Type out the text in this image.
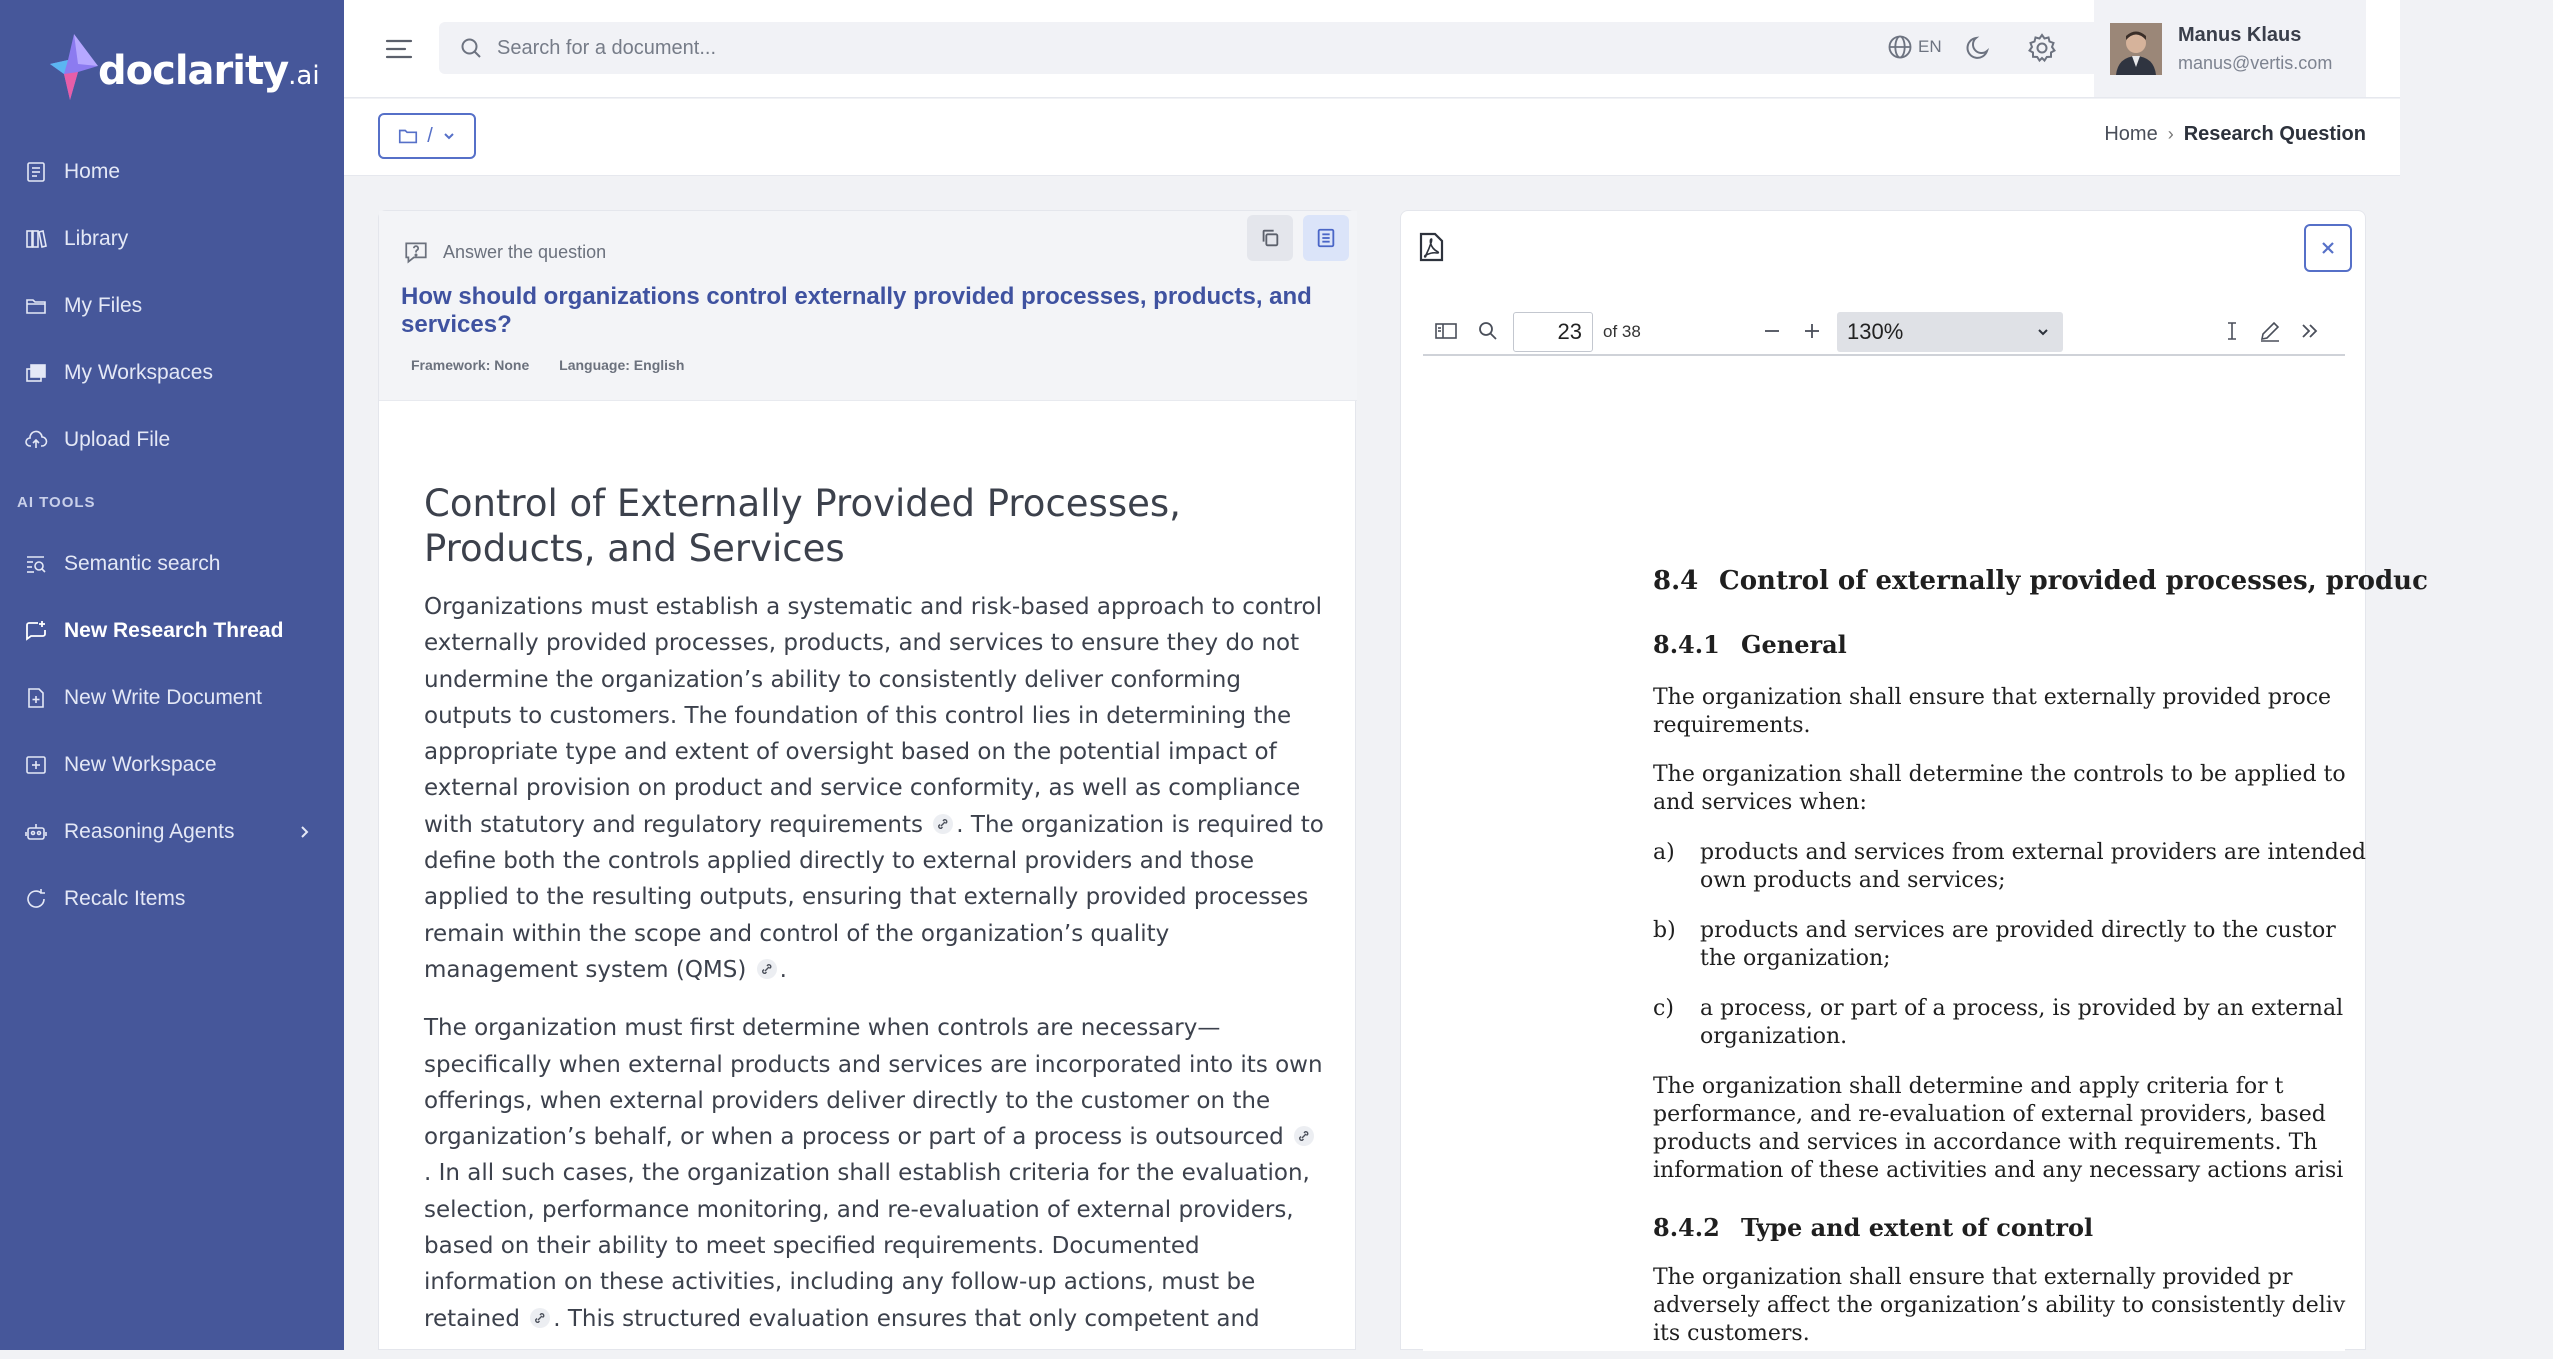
doclarity.ai
Home
Library
My Files
My Workspaces
Upload File
AI TOOLS
Semantic search
New Research Thread
New Write Document
New Workspace
Reasoning Agents
Recalc Items
Search for a document...
EN
Manus Klaus
manus@vertis.com
/	Home › Research Question
Answer the question
How should organizations control externally provided processes, products, and services?
Framework: None Language: English
Control of Externally Provided Processes, Products, and Services

Organizations must establish a systematic and risk-based approach to control externally provided processes, products, and services to ensure they do not undermine the organization’s ability to consistently deliver conforming outputs to customers. The foundation of this control lies in determining the appropriate type and extent of oversight based on the potential impact of external provision on product and service conformity, as well as compliance with statutory and regulatory requirements . The organization is required to define both the controls applied directly to external providers and those applied to the resulting outputs, ensuring that externally provided processes remain within the scope and control of the organization’s quality management system (QMS) .

The organization must first determine when controls are necessary—specifically when external products and services are incorporated into its own offerings, when external providers deliver directly to the customer on the organization’s behalf, or when a process or part of a process is outsourced . In all such cases, the organization shall establish criteria for the evaluation, selection, performance monitoring, and re-evaluation of external providers, based on their ability to meet specified requirements. Documented information on these activities, including any follow-up actions, must be retained . This structured evaluation ensures that only competent and

23
of 38	130%
8.4 Control of externally provided processes, produc
8.4.1 General
The organization shall ensure that externally provided proce
requirements.
The organization shall determine the controls to be applied to
and services when:
a) products and services from external providers are intended
own products and services;
b) products and services are provided directly to the custor
the organization;
c) a process, or part of a process, is provided by an external
organization.
The organization shall determine and apply criteria for t
performance, and re-evaluation of external providers, based
products and services in accordance with requirements. Th
information of these activities and any necessary actions arisi
8.4.2 Type and extent of control
The organization shall ensure that externally provided pr
adversely affect the organization’s ability to consistently deliv
its customers.
